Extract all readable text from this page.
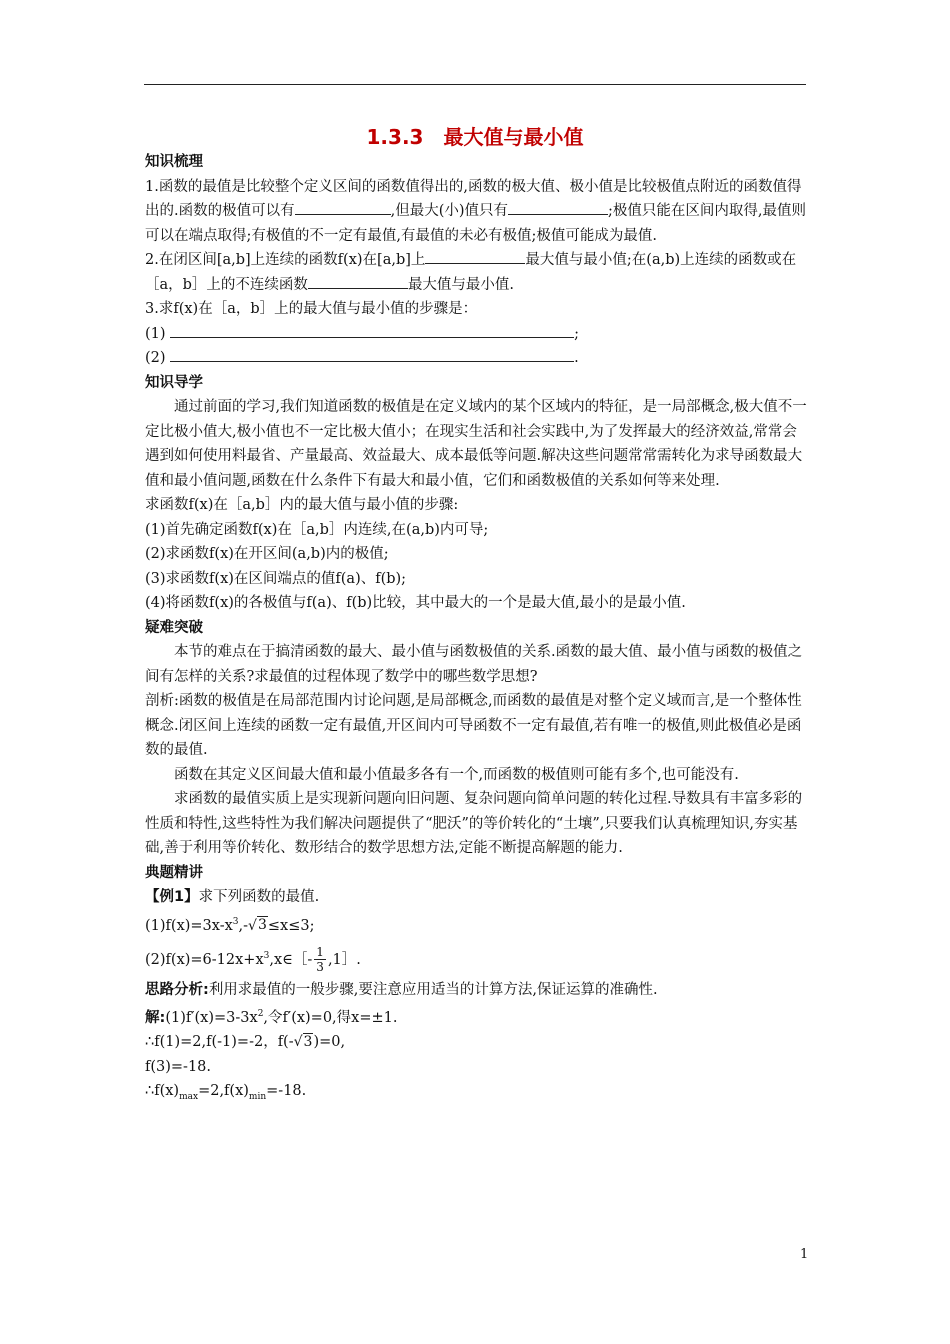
1.3.3　最大值与最小值

知识梳理

1.函数的最值是比较整个定义区间的函数值得出的,函数的极大值、极小值是比较极值点附近的函数值得出的.函数的极值可以有	,但最大(小)值只有	;极值只能在区间内取得,最值则可以在端点取得;有极值的不一定有最值,有最值的未必有极值;极值可能成为最值.

2.在闭区间[a,b]上连续的函数f(x)在[a,b]上	最大值与最小值;在(a,b)上连续的函数或在［a，b］上的不连续函数	最大值与最小值.

3.求f(x)在［a，b］上的最大值与最小值的步骤是：

(1)	;

(2)	.

知识导学

通过前面的学习,我们知道函数的极值是在定义域内的某个区域内的特征，是一局部概念,极大值不一定比极小值大,极小值也不一定比极大值小；在现实生活和社会实践中,为了发挥最大的经济效益,常常会遇到如何使用料最省、产量最高、效益最大、成本最低等问题.解决这些问题常常需转化为求导函数最大值和最小值问题,函数在什么条件下有最大和最小值，它们和函数极值的关系如何等来处理.

求函数f(x)在［a,b］内的最大值与最小值的步骤:

(1)首先确定函数f(x)在［a,b］内连续,在(a,b)内可导;

(2)求函数f(x)在开区间(a,b)内的极值;

(3)求函数f(x)在区间端点的值f(a)、f(b);

(4)将函数f(x)的各极值与f(a)、f(b)比较，其中最大的一个是最大值,最小的是最小值.

疑难突破

本节的难点在于搞清函数的最大、最小值与函数极值的关系.函数的最大值、最小值与函数的极值之间有怎样的关系?求最值的过程体现了数学中的哪些数学思想?

剖析:函数的极值是在局部范围内讨论问题,是局部概念,而函数的最值是对整个定义域而言,是一个整体性概念.闭区间上连续的函数一定有最值,开区间内可导函数不一定有最值,若有唯一的极值,则此极值必是函数的最值.

函数在其定义区间最大值和最小值最多各有一个,而函数的极值则可能有多个,也可能没有.

求函数的最值实质上是实现新问题向旧问题、复杂问题向简单问题的转化过程.导数具有丰富多彩的性质和特性,这些特性为我们解决问题提供了“肥沃”的等价转化的“土壤”,只要我们认真梳理知识,夯实基础,善于利用等价转化、数形结合的数学思想方法,定能不断提高解题的能力.

典题精讲

【例1】求下列函数的最值.

$(1)f(x)=3x-x^3,-√3\le x\le 3$;

$(2)f(x)=6-12x+x^3,x\in[- \frac{1}{3}$ ,1］.

思路分析:利用求最值的一般步骤,要注意应用适当的计算方法,保证运算的准确性.

解$:(1)f'(x)=3-3x^2$,令f′(x)=0,得x=±1.

∴f(1)=2,f(-1)=-2，f(-√3)=0,

f(3)=-18.

$\therefore f(x)_{max}=2,f(x)_{min}=-18$.

1
